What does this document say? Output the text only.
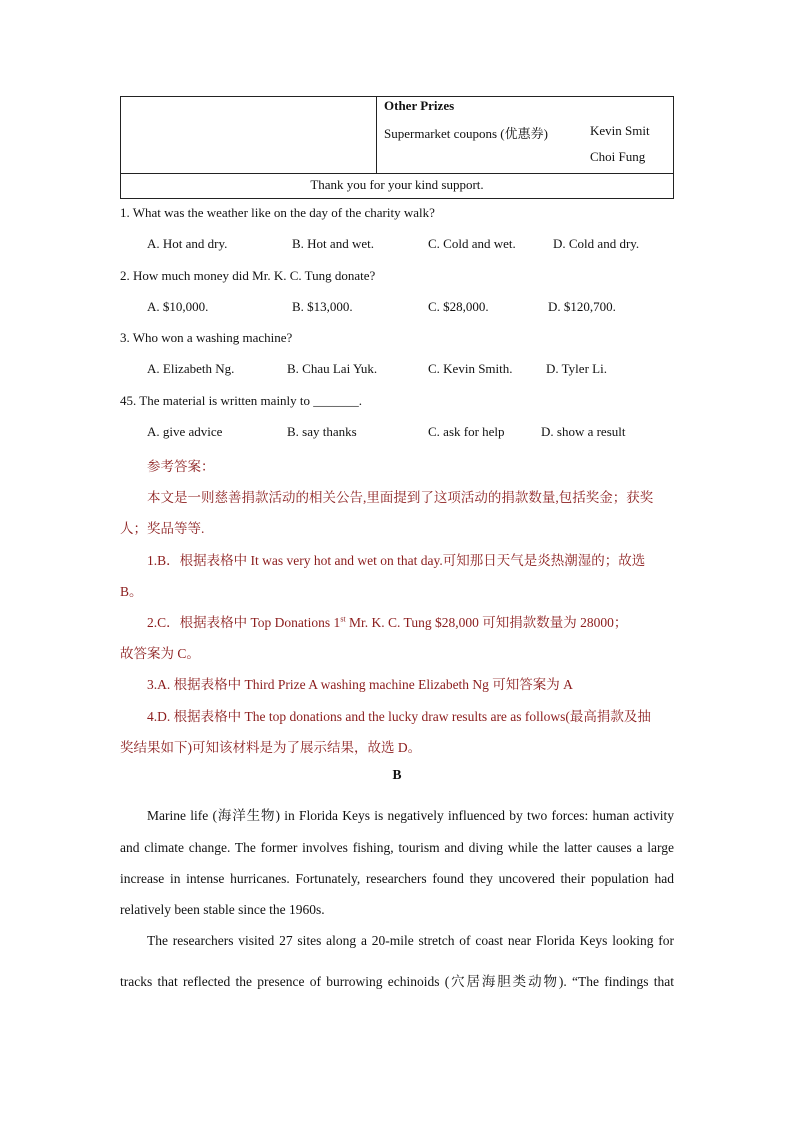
Other Prizes
Supermarket coupons (优惠券)	Kevin Smit
Choi Fung

Thank you for your kind support.
1. What was the weather like on the day of the charity walk?
A. Hot and dry.	B. Hot and wet.	C. Cold and wet.	D. Cold and dry.
2. How much money did Mr. K. C. Tung donate?
A. $10,000.	B. $13,000.	C. $28,000.	D. $120,700.
3. Who won a washing machine?
A. Elizabeth Ng.	B. Chau Lai Yuk.	C. Kevin Smith.	D. Tyler Li.
45. The material is written mainly to _______.
A. give advice	B. say thanks	C. ask for help	D. show a result
参考答案：
本文是一则慈善捐款活动的相关公告,里面提到了这项活动的捐款数量,包括奖金；获奖
人；奖品等等.
1.B．根据表格中 It was very hot and wet on that day.可知那日天气是炎热潮湿的；故选
B。
2.C．根据表格中 Top Donations 1st Mr. K. C. Tung $28,000 可知捐款数量为 28000；
故答案为 C。
3.A. 根据表格中 Third Prize A washing machine Elizabeth Ng 可知答案为 A
4.D. 根据表格中 The top donations and the lucky draw results are as follows(最高捐款及抽
奖结果如下)可知该材料是为了展示结果，故选 D。
B
Marine life (海洋生物) in Florida Keys is negatively influenced by two forces: human activity
and climate change. The former involves fishing, tourism and diving while the latter causes a large
increase in intense hurricanes. Fortunately, researchers found they uncovered their population had
relatively been stable since the 1960s.
The researchers visited 27 sites along a 20-mile stretch of coast near Florida Keys looking for
tracks that reflected the presence of burrowing echinoids (穴居海胆类动物). “The findings that
